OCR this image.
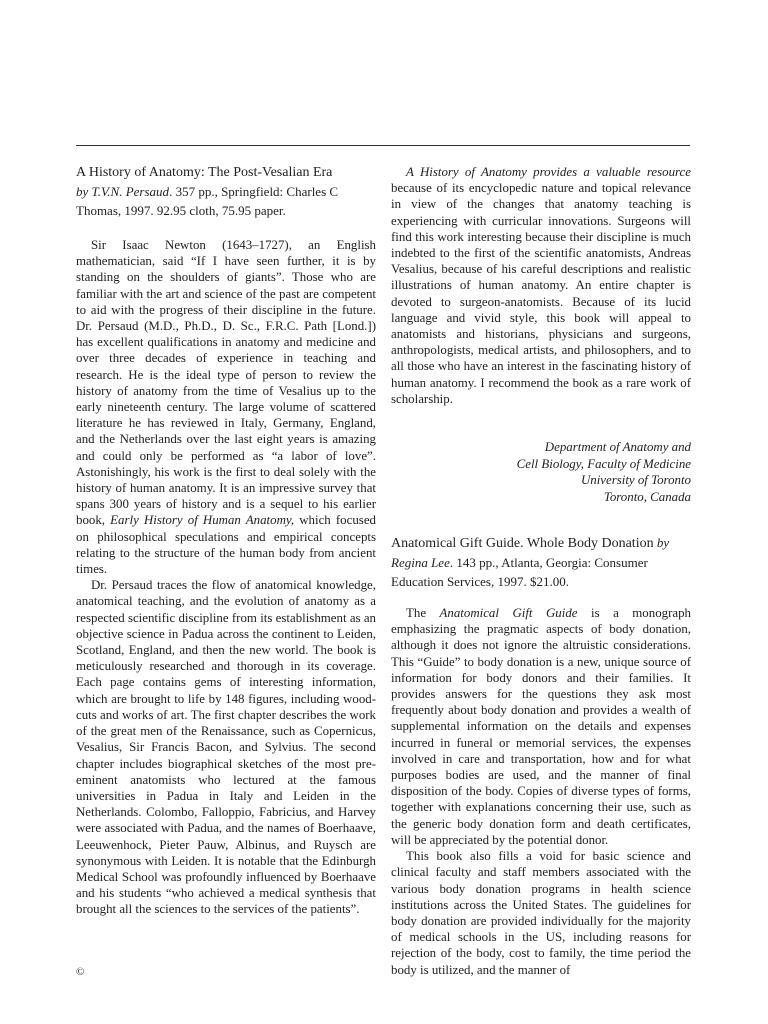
A History of Anatomy: The Post-Vesalian Era

by T.V.N. Persaud. 357 pp., Springfield: Charles C Thomas, 1997. 92.95 cloth, 75.95 paper.

Sir Isaac Newton (1643–1727), an English mathematician, said “If I have seen further, it is by standing on the shoulders of giants”. Those who are familiar with the art and science of the past are competent to aid with the progress of their discipline in the future. Dr. Persaud (M.D., Ph.D., D. Sc., F.R.C. Path [Lond.]) has excellent qualifications in anatomy and medicine and over three decades of experience in teaching and research. He is the ideal type of person to review the history of anatomy from the time of Vesalius up to the early nineteenth century. The large volume of scattered literature he has reviewed in Italy, Germany, England, and the Netherlands over the last eight years is amazing and could only be performed as “a labor of love”. Astonishingly, his work is the first to deal solely with the history of human anatomy. It is an impressive survey that spans 300 years of history and is a sequel to his earlier book, Early History of Human Anatomy, which focused on philosophical speculations and empirical concepts relating to the structure of the human body from ancient times.

Dr. Persaud traces the flow of anatomical knowledge, anatomical teaching, and the evolution of anatomy as a respected scientific discipline from its establishment as an objective science in Padua across the continent to Leiden, Scotland, England, and then the new world. The book is meticulously researched and thorough in its coverage. Each page contains gems of interesting information, which are brought to life by 148 figures, including wood-cuts and works of art. The first chapter describes the work of the great men of the Renaissance, such as Copernicus, Vesalius, Sir Francis Bacon, and Sylvius. The second chapter includes biographical sketches of the most pre-eminent anatomists who lectured at the famous universities in Padua in Italy and Leiden in the Netherlands. Colombo, Falloppio, Fabricius, and Harvey were associated with Padua, and the names of Boerhaave, Leeuwenhock, Pieter Pauw, Albinus, and Ruysch are synonymous with Leiden. It is notable that the Edinburgh Medical School was profoundly influenced by Boerhaave and his students “who achieved a medical synthesis that brought all the sciences to the services of the patients”.

A History of Anatomy provides a valuable resource because of its encyclopedic nature and topical relevance in view of the changes that anatomy teaching is experiencing with curricular innovations. Surgeons will find this work interesting because their discipline is much indebted to the first of the scientific anatomists, Andreas Vesalius, because of his careful descriptions and realistic illustrations of human anatomy. An entire chapter is devoted to surgeon-anatomists. Because of its lucid language and vivid style, this book will appeal to anatomists and historians, physicians and surgeons, anthropologists, medical artists, and philosophers, and to all those who have an interest in the fascinating history of human anatomy. I recommend the book as a rare work of scholarship.

Department of Anatomy and
Cell Biology, Faculty of Medicine
University of Toronto
Toronto, Canada

Anatomical Gift Guide. Whole Body Donation by Regina Lee. 143 pp., Atlanta, Georgia: Consumer Education Services, 1997. $21.00.

The Anatomical Gift Guide is a monograph emphasizing the pragmatic aspects of body donation, although it does not ignore the altruistic considerations. This “Guide” to body donation is a new, unique source of information for body donors and their families. It provides answers for the questions they ask most frequently about body donation and provides a wealth of supplemental information on the details and expenses incurred in funeral or memorial services, the expenses involved in care and transportation, how and for what purposes bodies are used, and the manner of final disposition of the body. Copies of diverse types of forms, together with explanations concerning their use, such as the generic body donation form and death certificates, will be appreciated by the potential donor.

This book also fills a void for basic science and clinical faculty and staff members associated with the various body donation programs in health science institutions across the United States. The guidelines for body donation are provided individually for the majority of medical schools in the US, including reasons for rejection of the body, cost to family, the time period the body is utilized, and the manner of

©
